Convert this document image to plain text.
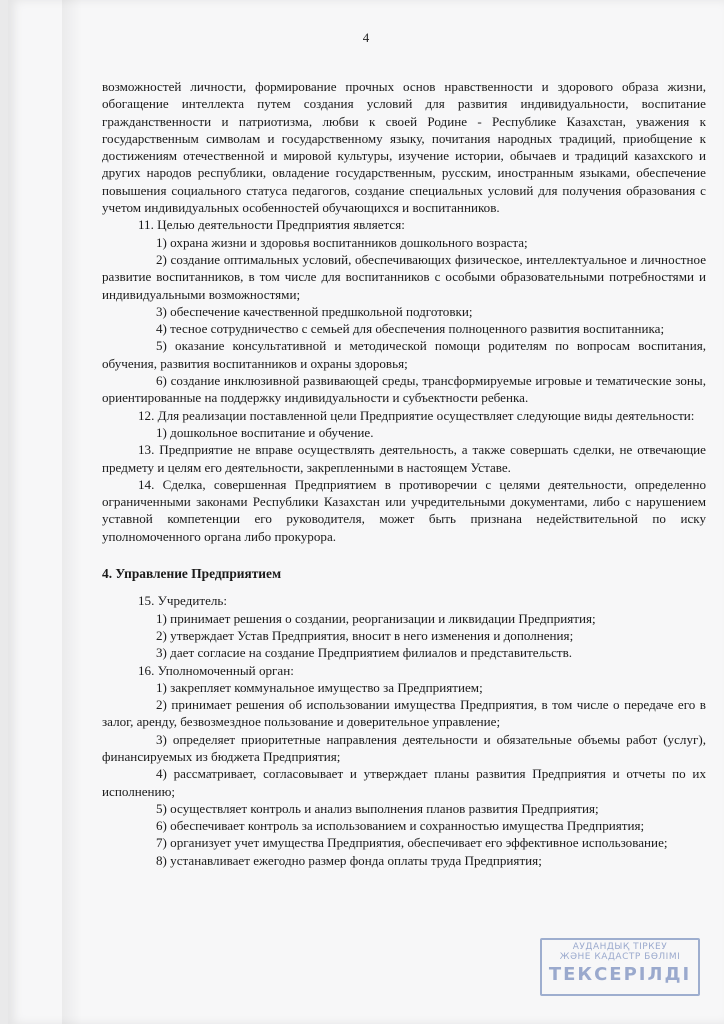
4

возможностей личности, формирование прочных основ нравственности и здорового образа жизни, обогащение интеллекта путем создания условий для развития индивидуальности, воспитание гражданственности и патриотизма, любви к своей Родине - Республике Казахстан, уважения к государственным символам и государственному языку, почитания народных традиций, приобщение к достижениям отечественной и мировой культуры, изучение истории, обычаев и традиций казахского и других народов республики, овладение государственным, русским, иностранным языками, обеспечение повышения социального статуса педагогов, создание специальных условий для получения образования с учетом индивидуальных особенностей обучающихся и воспитанников.

11. Целью деятельности Предприятия является:

1) охрана жизни и здоровья воспитанников дошкольного возраста;

2) создание оптимальных условий, обеспечивающих физическое, интеллектуальное и личностное развитие воспитанников, в том числе для воспитанников с особыми образовательными потребностями и индивидуальными возможностями;

3) обеспечение качественной предшкольной подготовки;

4) тесное сотрудничество с семьей для обеспечения полноценного развития воспитанника;

5) оказание консультативной и методической помощи родителям по вопросам воспитания, обучения, развития воспитанников и охраны здоровья;

6) создание инклюзивной развивающей среды, трансформируемые игровые и тематические зоны, ориентированные на поддержку индивидуальности и субъектности ребенка.

12. Для реализации поставленной цели Предприятие осуществляет следующие виды деятельности:

1) дошкольное воспитание и обучение.

13. Предприятие не вправе осуществлять деятельность, а также совершать сделки, не отвечающие предмету и целям его деятельности, закрепленными в настоящем Уставе.

14. Сделка, совершенная Предприятием в противоречии с целями деятельности, определенно ограниченными законами Республики Казахстан или учредительными документами, либо с нарушением уставной компетенции его руководителя, может быть признана недействительной по иску уполномоченного органа либо прокурора.

4. Управление Предприятием

15. Учредитель:

1) принимает решения о создании, реорганизации и ликвидации Предприятия;

2) утверждает Устав Предприятия, вносит в него изменения и дополнения;

3) дает согласие на создание Предприятием филиалов и представительств.

16. Уполномоченный орган:

1) закрепляет коммунальное имущество за Предприятием;

2) принимает решения об использовании имущества Предприятия, в том числе о передаче его в залог, аренду, безвозмездное пользование и доверительное управление;

3) определяет приоритетные направления деятельности и обязательные объемы работ (услуг), финансируемых из бюджета Предприятия;

4) рассматривает, согласовывает и утверждает планы развития Предприятия и отчеты по их исполнению;

5) осуществляет контроль и анализ выполнения планов развития Предприятия;

6) обеспечивает контроль за использованием и сохранностью имущества Предприятия;

7) организует учет имущества Предприятия, обеспечивает его эффективное использование;

8) устанавливает ежегодно размер фонда оплаты труда Предприятия;

АУДАНДЫҚ ТІРКЕУ
ЖӘНЕ КАДАСТР БӨЛІМІ
ТЕКСЕРІЛДІ
